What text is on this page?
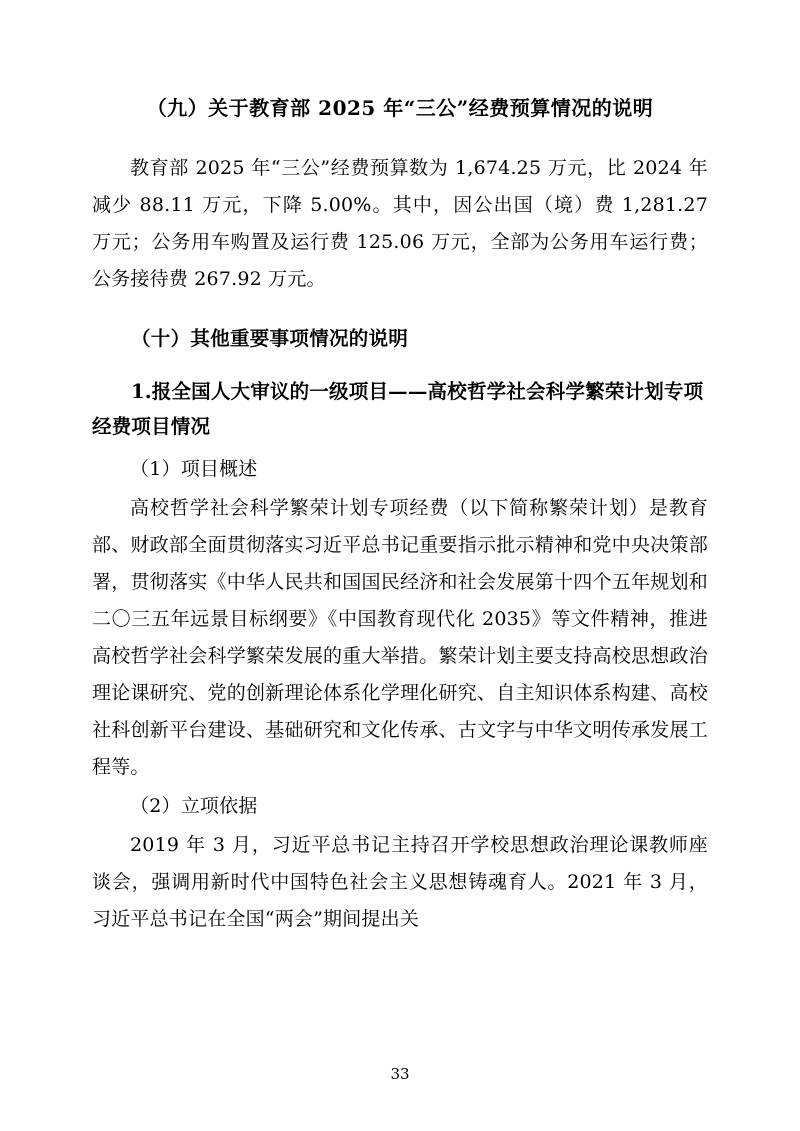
（九）关于教育部 2025 年“三公”经费预算情况的说明

教育部 2025 年“三公”经费预算数为 1,674.25 万元，比 2024 年减少 88.11 万元，下降 5.00%。其中，因公出国（境）费 1,281.27 万元；公务用车购置及运行费 125.06 万元，全部为公务用车运行费；公务接待费 267.92 万元。

（十）其他重要事项情况的说明
1.报全国人大审议的一级项目——高校哲学社会科学繁荣计划专项经费项目情况

（1）项目概述

高校哲学社会科学繁荣计划专项经费（以下简称繁荣计划）是教育部、财政部全面贯彻落实习近平总书记重要指示批示精神和党中央决策部署，贯彻落实《中华人民共和国国民经济和社会发展第十四个五年规划和二〇三五年远景目标纲要》《中国教育现代化 2035》等文件精神，推进高校哲学社会科学繁荣发展的重大举措。繁荣计划主要支持高校思想政治理论课研究、党的创新理论体系化学理化研究、自主知识体系构建、高校社科创新平台建设、基础研究和文化传承、古文字与中华文明传承发展工程等。

（2）立项依据

2019 年 3 月，习近平总书记主持召开学校思想政治理论课教师座谈会，强调用新时代中国特色社会主义思想铸魂育人。2021 年 3 月，习近平总书记在全国“两会”期间提出关

33
